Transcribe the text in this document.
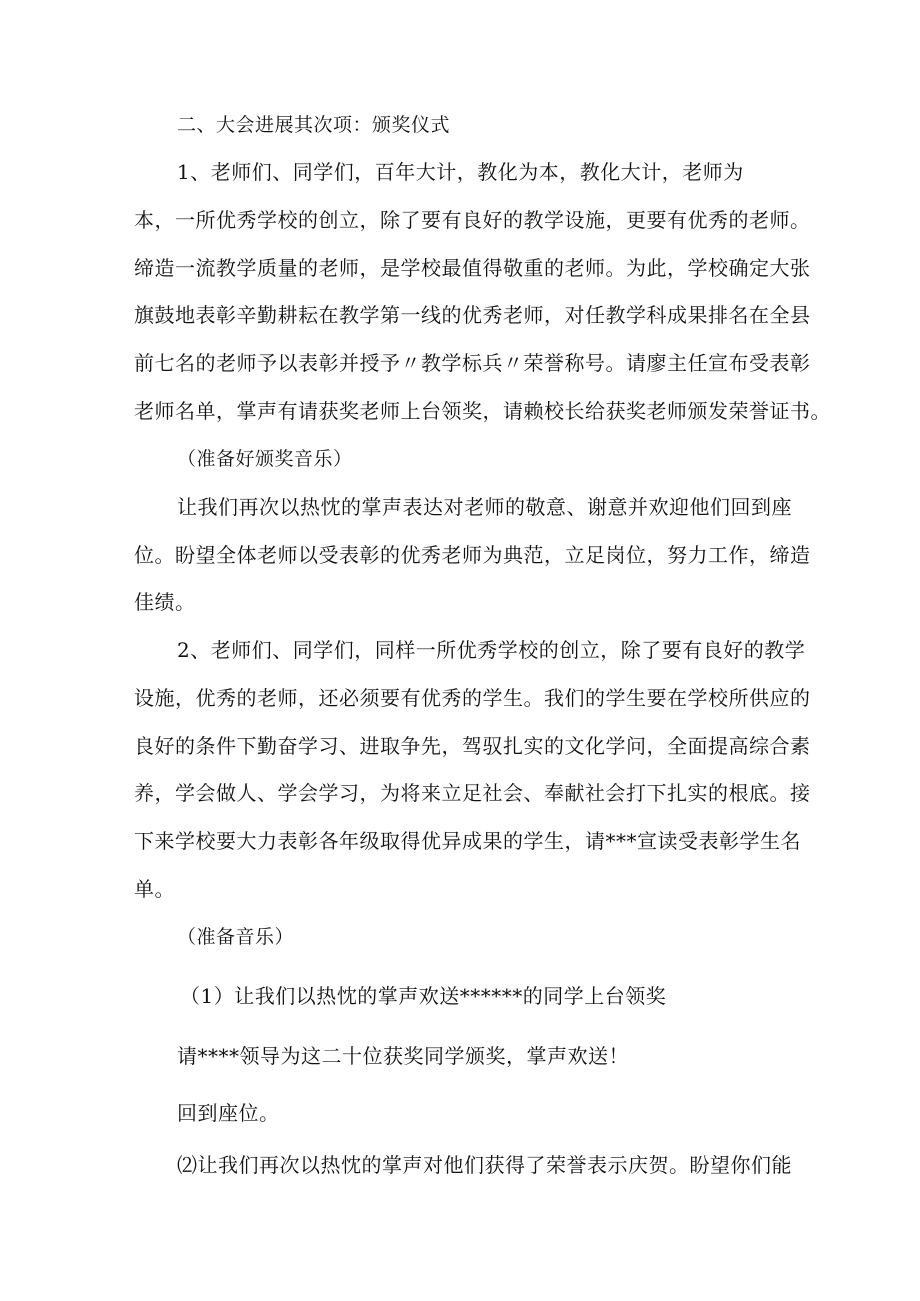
二、大会进展其次项：颁奖仪式
1、老师们、同学们，百年大计，教化为本，教化大计，老师为
本，一所优秀学校的创立，除了要有良好的教学设施，更要有优秀的老师。
缔造一流教学质量的老师，是学校最值得敬重的老师。为此，学校确定大张
旗鼓地表彰辛勤耕耘在教学第一线的优秀老师，对任教学科成果排名在全县
前七名的老师予以表彰并授予〃教学标兵〃荣誉称号。请廖主任宣布受表彰
老师名单，掌声有请获奖老师上台领奖，请赖校长给获奖老师颁发荣誉证书。
（准备好颁奖音乐）
让我们再次以热忱的掌声表达对老师的敬意、谢意并欢迎他们回到座
位。盼望全体老师以受表彰的优秀老师为典范，立足岗位，努力工作，缔造
佳绩。
2、老师们、同学们，同样一所优秀学校的创立，除了要有良好的教学
设施，优秀的老师，还必须要有优秀的学生。我们的学生要在学校所供应的
良好的条件下勤奋学习、进取争先，驾驭扎实的文化学问，全面提高综合素
养，学会做人、学会学习，为将来立足社会、奉献社会打下扎实的根底。接
下来学校要大力表彰各年级取得优异成果的学生，请***宣读受表彰学生名
单。
（准备音乐）
（1）让我们以热忱的掌声欢送******的同学上台领奖
请****领导为这二十位获奖同学颁奖，掌声欢送！
回到座位。
⑵让我们再次以热忱的掌声对他们获得了荣誉表示庆贺。盼望你们能
